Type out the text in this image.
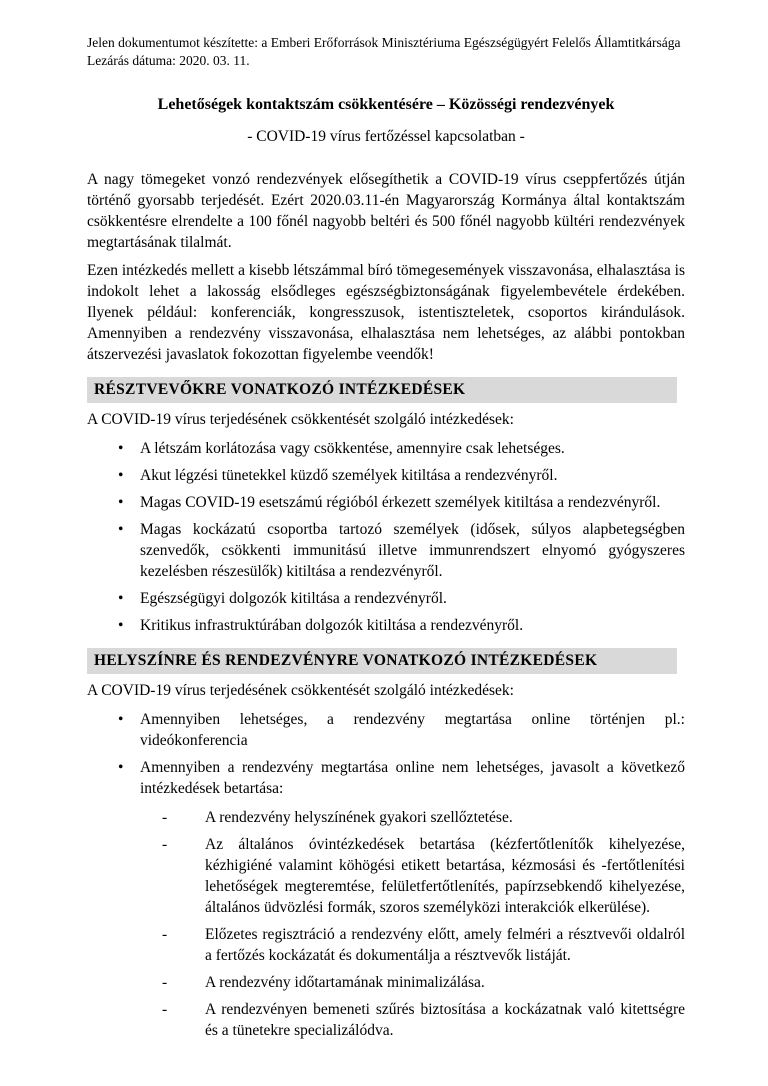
Jelen dokumentumot készítette: a Emberi Erőforrások Minisztériuma Egészségügyért Felelős Államtitkársága
Lezárás dátuma: 2020. 03. 11.
Lehetőségek kontaktszám csökkentésére – Közösségi rendezvények
- COVID-19 vírus fertőzéssel kapcsolatban -

A nagy tömegeket vonzó rendezvények elősegíthetik a COVID-19 vírus cseppfertőzés útján történő gyorsabb terjedését. Ezért 2020.03.11-én Magyarország Kormánya által kontaktszám csökkentésre elrendelte a 100 főnél nagyobb beltéri és 500 főnél nagyobb kültéri rendezvények megtartásának tilalmát.

Ezen intézkedés mellett a kisebb létszámmal bíró tömegesemények visszavonása, elhalasztása is indokolt lehet a lakosság elsődleges egészségbiztonságának figyelembevétele érdekében. Ilyenek például: konferenciák, kongresszusok, istentiszteletek, csoportos kirándulások. Amennyiben a rendezvény visszavonása, elhalasztása nem lehetséges, az alábbi pontokban átszervezési javaslatok fokozottan figyelembe veendők!

RÉSZTVEVŐKRE VONATKOZÓ INTÉZKEDÉSEK

A COVID-19 vírus terjedésének csökkentését szolgáló intézkedések:

• A létszám korlátozása vagy csökkentése, amennyire csak lehetséges.
• Akut légzési tünetekkel küzdő személyek kitiltása a rendezvényről.
• Magas COVID-19 esetszámú régióból érkezett személyek kitiltása a rendezvényről.
• Magas kockázatú csoportba tartozó személyek (idősek, súlyos alapbetegségben szenvedők, csökkenti immunitású illetve immunrendszert elnyomó gyógyszeres kezelésben részesülők) kitiltása a rendezvényről.
• Egészségügyi dolgozók kitiltása a rendezvényről.
• Kritikus infrastruktúrában dolgozók kitiltása a rendezvényről.
HELYSZÍNRE ÉS RENDEZVÉNYRE VONATKOZÓ INTÉZKEDÉSEK

A COVID-19 vírus terjedésének csökkentését szolgáló intézkedések:

• Amennyiben lehetséges, a rendezvény megtartása online történjen pl.: videókonferencia
• Amennyiben a rendezvény megtartása online nem lehetséges, javasolt a következő intézkedések betartása:
- A rendezvény helyszínének gyakori szellőztetése.
- Az általános óvintézkedések betartása (kézfertőtlenítők kihelyezése, kézhigiéné valamint köhögési etikett betartása, kézmosási és -fertőtlenítési lehetőségek megteremtése, felületfertőtlenítés, papírzsebkendő kihelyezése, általános üdvözlési formák, szoros személyközi interakciók elkerülése).
- Előzetes regisztráció a rendezvény előtt, amely felméri a résztvevői oldalról a fertőzés kockázatát és dokumentálja a résztvevők listáját.
- A rendezvény időtartamának minimalizálása.
- A rendezvényen bemeneti szűrés biztosítása a kockázatnak való kitettségre és a tünetekre specializálódva.
